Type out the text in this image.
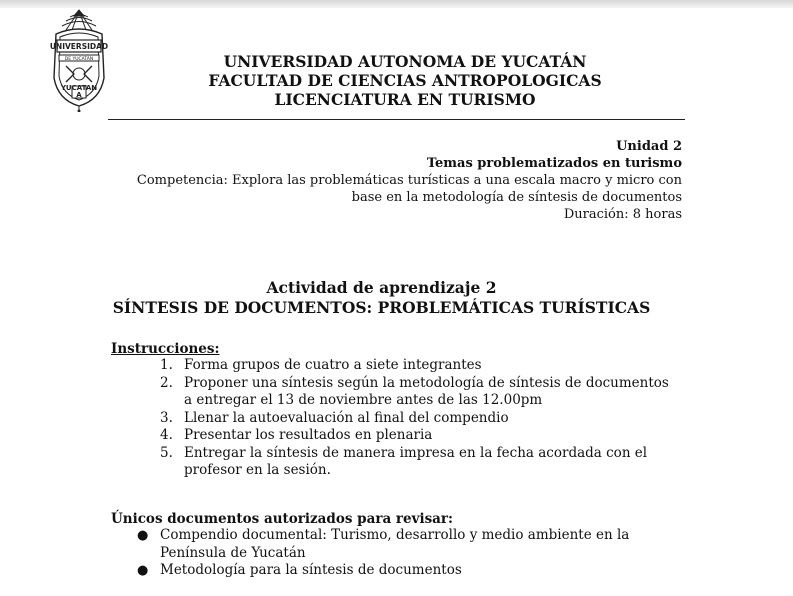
UNIVERSIDAD
DE YUCATAN
YUCATAN
A
UNIVERSIDAD AUTONOMA DE YUCATÁN
FACULTAD DE CIENCIAS ANTROPOLOGICAS
LICENCIATURA EN TURISMO
Unidad 2
Temas problematizados en turismo
Competencia: Explora las problemáticas turísticas a una escala macro y micro con
base en la metodología de síntesis de documentos
Duración: 8 horas
Actividad de aprendizaje 2
SÍNTESIS DE DOCUMENTOS: PROBLEMÁTICAS TURÍSTICAS
Instrucciones:
1. Forma grupos de cuatro a siete integrantes
2. Proponer una síntesis según la metodología de síntesis de documentos a entregar el 13 de noviembre antes de las 12.00pm
3. Llenar la autoevaluación al final del compendio
4. Presentar los resultados en plenaria
5. Entregar la síntesis de manera impresa en la fecha acordada con el profesor en la sesión.
Únicos documentos autorizados para revisar:
● Compendio documental: Turismo, desarrollo y medio ambiente en la Península de Yucatán
● Metodología para la síntesis de documentos
